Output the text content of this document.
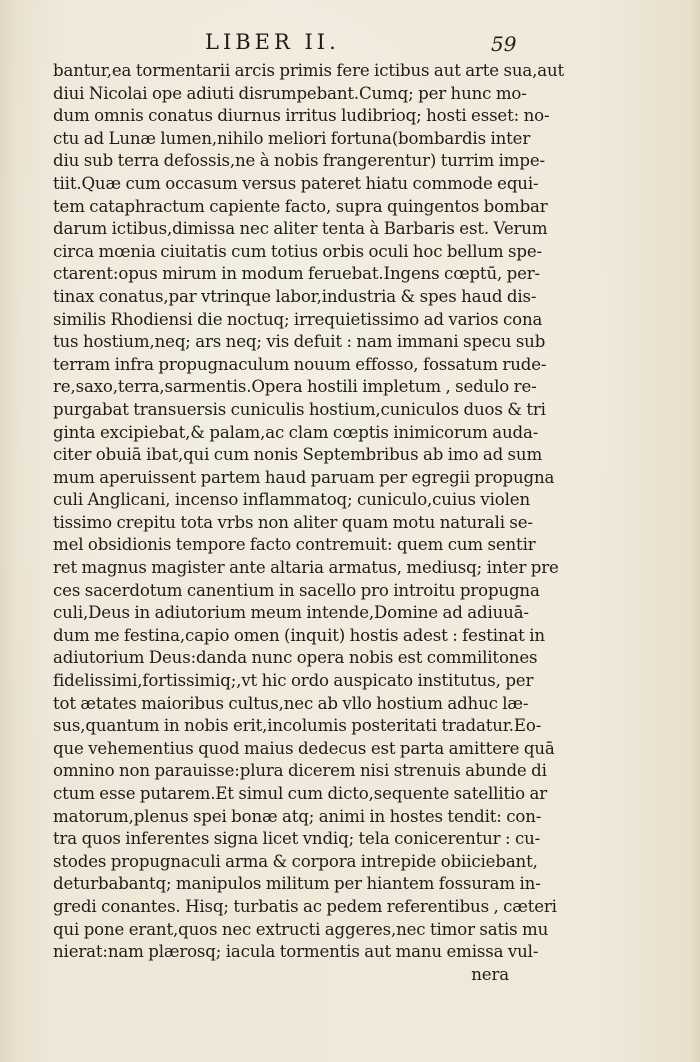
LIBER II.	59
bantur,ea tormentarii arcis primis fere ictibus aut arte sua,aut
diui Nicolai ope adiuti disrumpebant.Cumq; per hunc mo-
dum omnis conatus diurnus irritus ludibrioq; hosti esset: no-
ctu ad Lunæ lumen,nihilo meliori fortuna(bombardis inter
diu sub terra defossis,ne à nobis frangerentur) turrim impe-
tiit.Quæ cum occasum versus pateret hiatu commode equi-
tem cataphractum capiente facto, supra quingentos bombar
darum ictibus,dimissa nec aliter tenta à Barbaris est. Verum
circa mœnia ciuitatis cum totius orbis oculi hoc bellum spe-
ctarent:opus mirum in modum feruebat.Ingens cœptū, per-
tinax conatus,par vtrinque labor,industria & spes haud dis-
similis Rhodiensi die noctuq; irrequietissimo ad varios cona
tus hostium,neq; ars neq; vis defuit : nam immani specu sub
terram infra propugnaculum nouum effosso, fossatum rude-
re,saxo,terra,sarmentis.Opera hostili impletum , sedulo re-
purgabat transuersis cuniculis hostium,cuniculos duos & tri
ginta excipiebat,& palam,ac clam cœptis inimicorum auda-
citer obuiā ibat,qui cum nonis Septembribus ab imo ad sum
mum aperuissent partem haud paruam per egregii propugna
culi Anglicani, incenso inflammatoq; cuniculo,cuius violen
tissimo crepitu tota vrbs non aliter quam motu naturali se-
mel obsidionis tempore facto contremuit: quem cum sentir
ret magnus magister ante altaria armatus, mediusq; inter pre
ces sacerdotum canentium in sacello pro introitu propugna
culi,Deus in adiutorium meum intende,Domine ad adiuuā-
dum me festina,capio omen (inquit) hostis adest : festinat in
adiutorium Deus:danda nunc opera nobis est commilitones
fidelissimi,fortissimiq;,vt hic ordo auspicato institutus, per
tot ætates maioribus cultus,nec ab vllo hostium adhuc læ-
sus,quantum in nobis erit,incolumis posteritati tradatur.Eo-
que vehementius quod maius dedecus est parta amittere quā
omnino non parauisse:plura dicerem nisi strenuis abunde di
ctum esse putarem.Et simul cum dicto,sequente satellitio ar
matorum,plenus spei bonæ atq; animi in hostes tendit: con-
tra quos inferentes signa licet vndiq; tela conicerentur : cu-
stodes propugnaculi arma & corpora intrepide obiiciebant,
deturbabantq; manipulos militum per hiantem fossuram in-
gredi conantes. Hisq; turbatis ac pedem referentibus , cæteri
qui pone erant,quos nec extructi aggeres,nec timor satis mu
nierat:nam plærosq; iacula tormentis aut manu emissa vul-
nera
